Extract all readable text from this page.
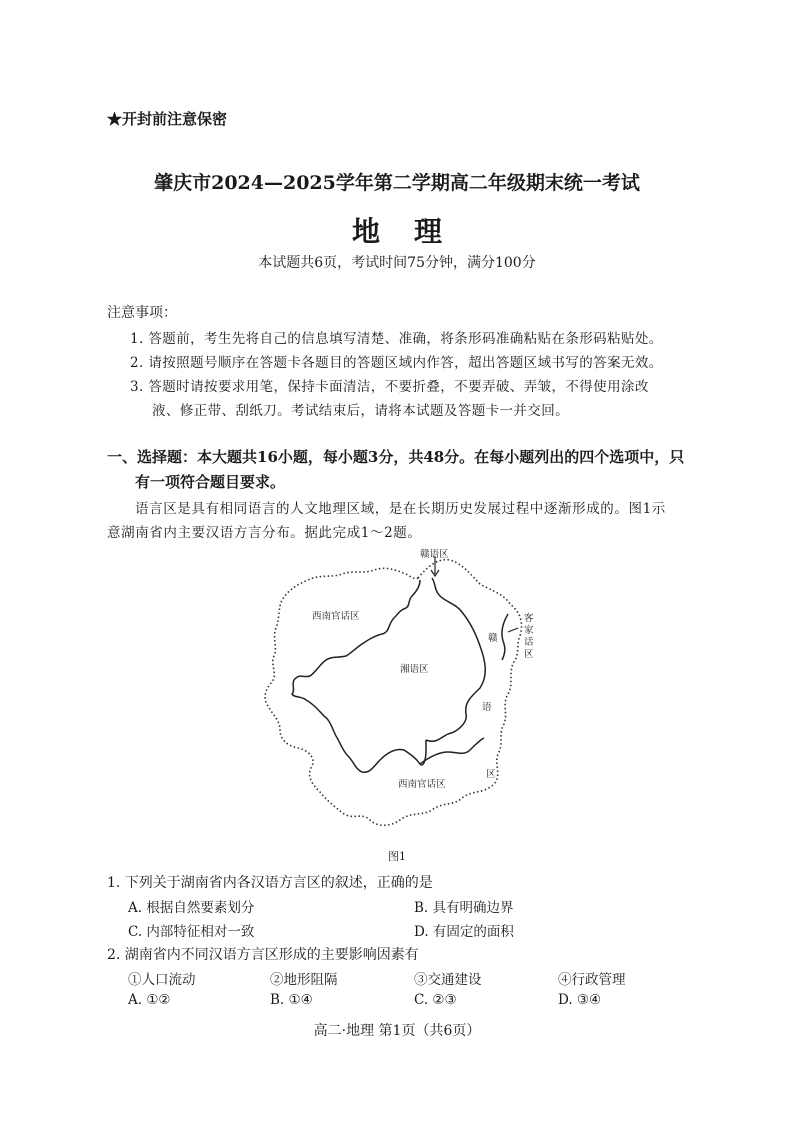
★开封前注意保密
肇庆市2024—2025学年第二学期高二年级期末统一考试
地理
本试题共6页，考试时间75分钟，满分100分
注意事项：
1. 答题前，考生先将自己的信息填写清楚、准确，将条形码准确粘贴在条形码粘贴处。
2. 请按照题号顺序在答题卡各题目的答题区域内作答，超出答题区域书写的答案无效。
3. 答题时请按要求用笔，保持卡面清洁，不要折叠，不要弄破、弄皱，不得使用涂改
液、修正带、刮纸刀。考试结束后，请将本试题及答题卡一并交回。
一、选择题：本大题共16小题，每小题3分，共48分。在每小题列出的四个选项中，只
有一项符合题目要求。
语言区是具有相同语言的人文地理区域，是在长期历史发展过程中逐渐形成的。图1示
意湖南省内主要汉语方言分布。据此完成1～2题。
赣语区
西南官话区
湘语区
客
家
话
区
赣
语
区
西南官话区
图1
1. 下列关于湖南省内各汉语方言区的叙述，正确的是
A. 根据自然要素划分	B. 具有明确边界
C. 内部特征相对一致	D. 有固定的面积
2. 湖南省内不同汉语方言区形成的主要影响因素有
①人口流动	②地形阻隔	③交通建设	④行政管理
A. ①②	B. ①④	C. ②③	D. ③④
高二·地理 第1页（共6页）
